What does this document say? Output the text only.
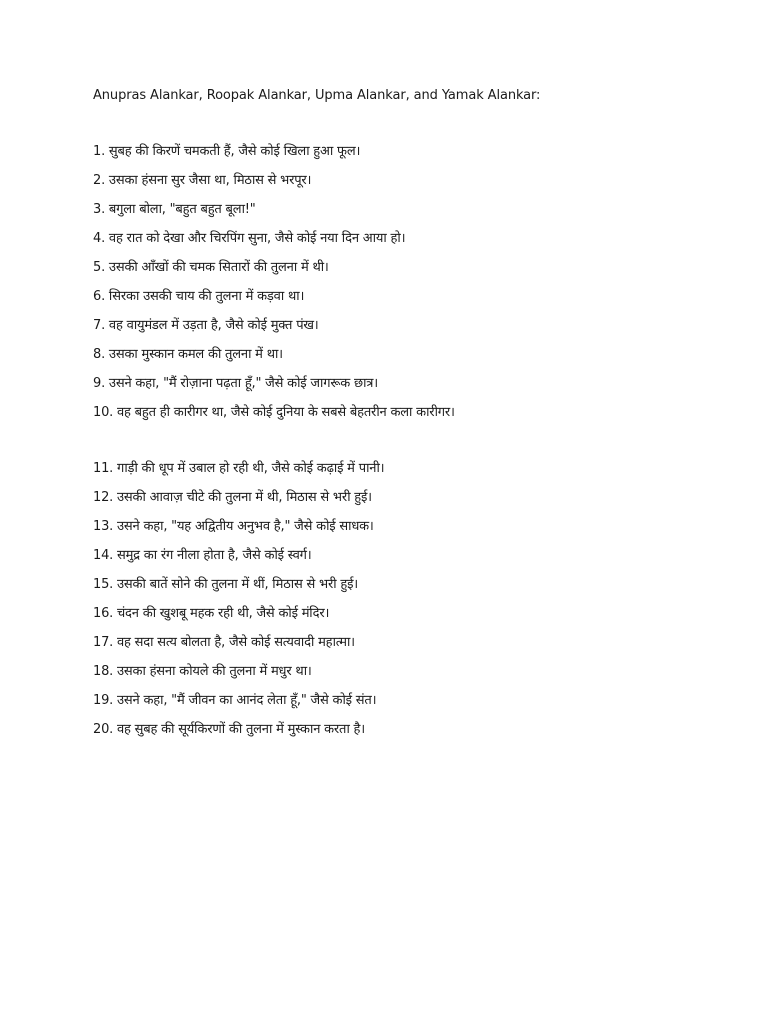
Anupras Alankar, Roopak Alankar, Upma Alankar, and Yamak Alankar:
1. सुबह की किरणें चमकती हैं, जैसे कोई खिला हुआ फूल।
2. उसका हंसना सुर जैसा था, मिठास से भरपूर।
3. बगुला बोला, "बहुत बहुत बूला!"
4. वह रात को देखा और चिरपिंग सुना, जैसे कोई नया दिन आया हो।
5. उसकी आँखों की चमक सितारों की तुलना में थी।
6. सिरका उसकी चाय की तुलना में कड़वा था।
7. वह वायुमंडल में उड़ता है, जैसे कोई मुक्त पंख।
8. उसका मुस्कान कमल की तुलना में था।
9. उसने कहा, "मैं रोज़ाना पढ़ता हूँ," जैसे कोई जागरूक छात्र।
10. वह बहुत ही कारीगर था, जैसे कोई दुनिया के सबसे बेहतरीन कला कारीगर।
11. गाड़ी की धूप में उबाल हो रही थी, जैसे कोई कढ़ाई में पानी।
12. उसकी आवाज़ चीटे की तुलना में थी, मिठास से भरी हुई।
13. उसने कहा, "यह अद्वितीय अनुभव है," जैसे कोई साधक।
14. समुद्र का रंग नीला होता है, जैसे कोई स्वर्ग।
15. उसकी बातें सोने की तुलना में थीं, मिठास से भरी हुई।
16. चंदन की खुशबू महक रही थी, जैसे कोई मंदिर।
17. वह सदा सत्य बोलता है, जैसे कोई सत्यवादी महात्मा।
18. उसका हंसना कोयले की तुलना में मधुर था।
19. उसने कहा, "मैं जीवन का आनंद लेता हूँ," जैसे कोई संत।
20. वह सुबह की सूर्यकिरणों की तुलना में मुस्कान करता है।
